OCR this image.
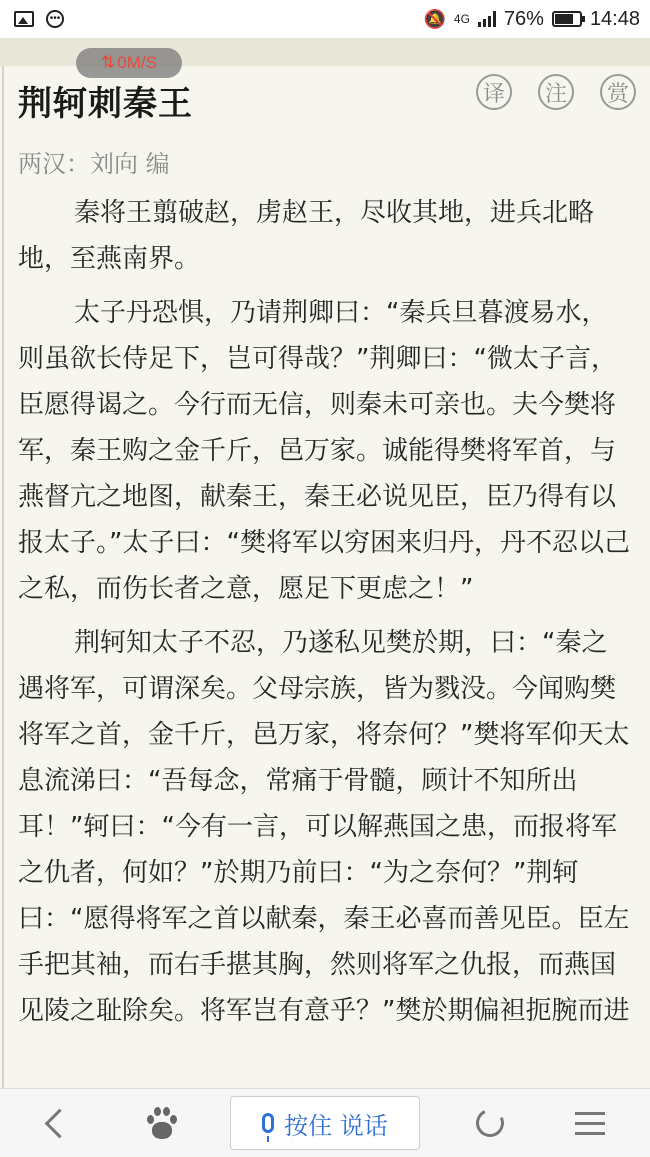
•••	🔕 4G 76% 14:48
⇅ 0M/S
荆轲刺秦王	译	注	赏

两汉：刘向 编

秦将王翦破赵，虏赵王，尽收其地，进兵北略地，至燕南界。

太子丹恐惧，乃请荆卿曰：“秦兵旦暮渡易水，则虽欲长侍足下，岂可得哉？”荆卿曰：“微太子言，臣愿得谒之。今行而无信，则秦未可亲也。夫今樊将军，秦王购之金千斤，邑万家。诚能得樊将军首，与燕督亢之地图，献秦王，秦王必说见臣，臣乃得有以报太子。”太子曰：“樊将军以穷困来归丹，丹不忍以己之私，而伤长者之意，愿足下更虑之！”

荆轲知太子不忍，乃遂私见樊於期，曰：“秦之遇将军，可谓深矣。父母宗族，皆为戮没。今闻购樊将军之首，金千斤，邑万家，将奈何？”樊将军仰天太息流涕曰：“吾每念，常痛于骨髓，顾计不知所出耳！”轲曰：“今有一言，可以解燕国之患，而报将军之仇者，何如？”於期乃前曰：“为之奈何？”荆轲曰：“愿得将军之首以献秦，秦王必喜而善见臣。臣左手把其袖，而右手揕其胸，然则将军之仇报，而燕国见陵之耻除矣。将军岂有意乎？”樊於期偏袒扼腕而进

按住 说话
